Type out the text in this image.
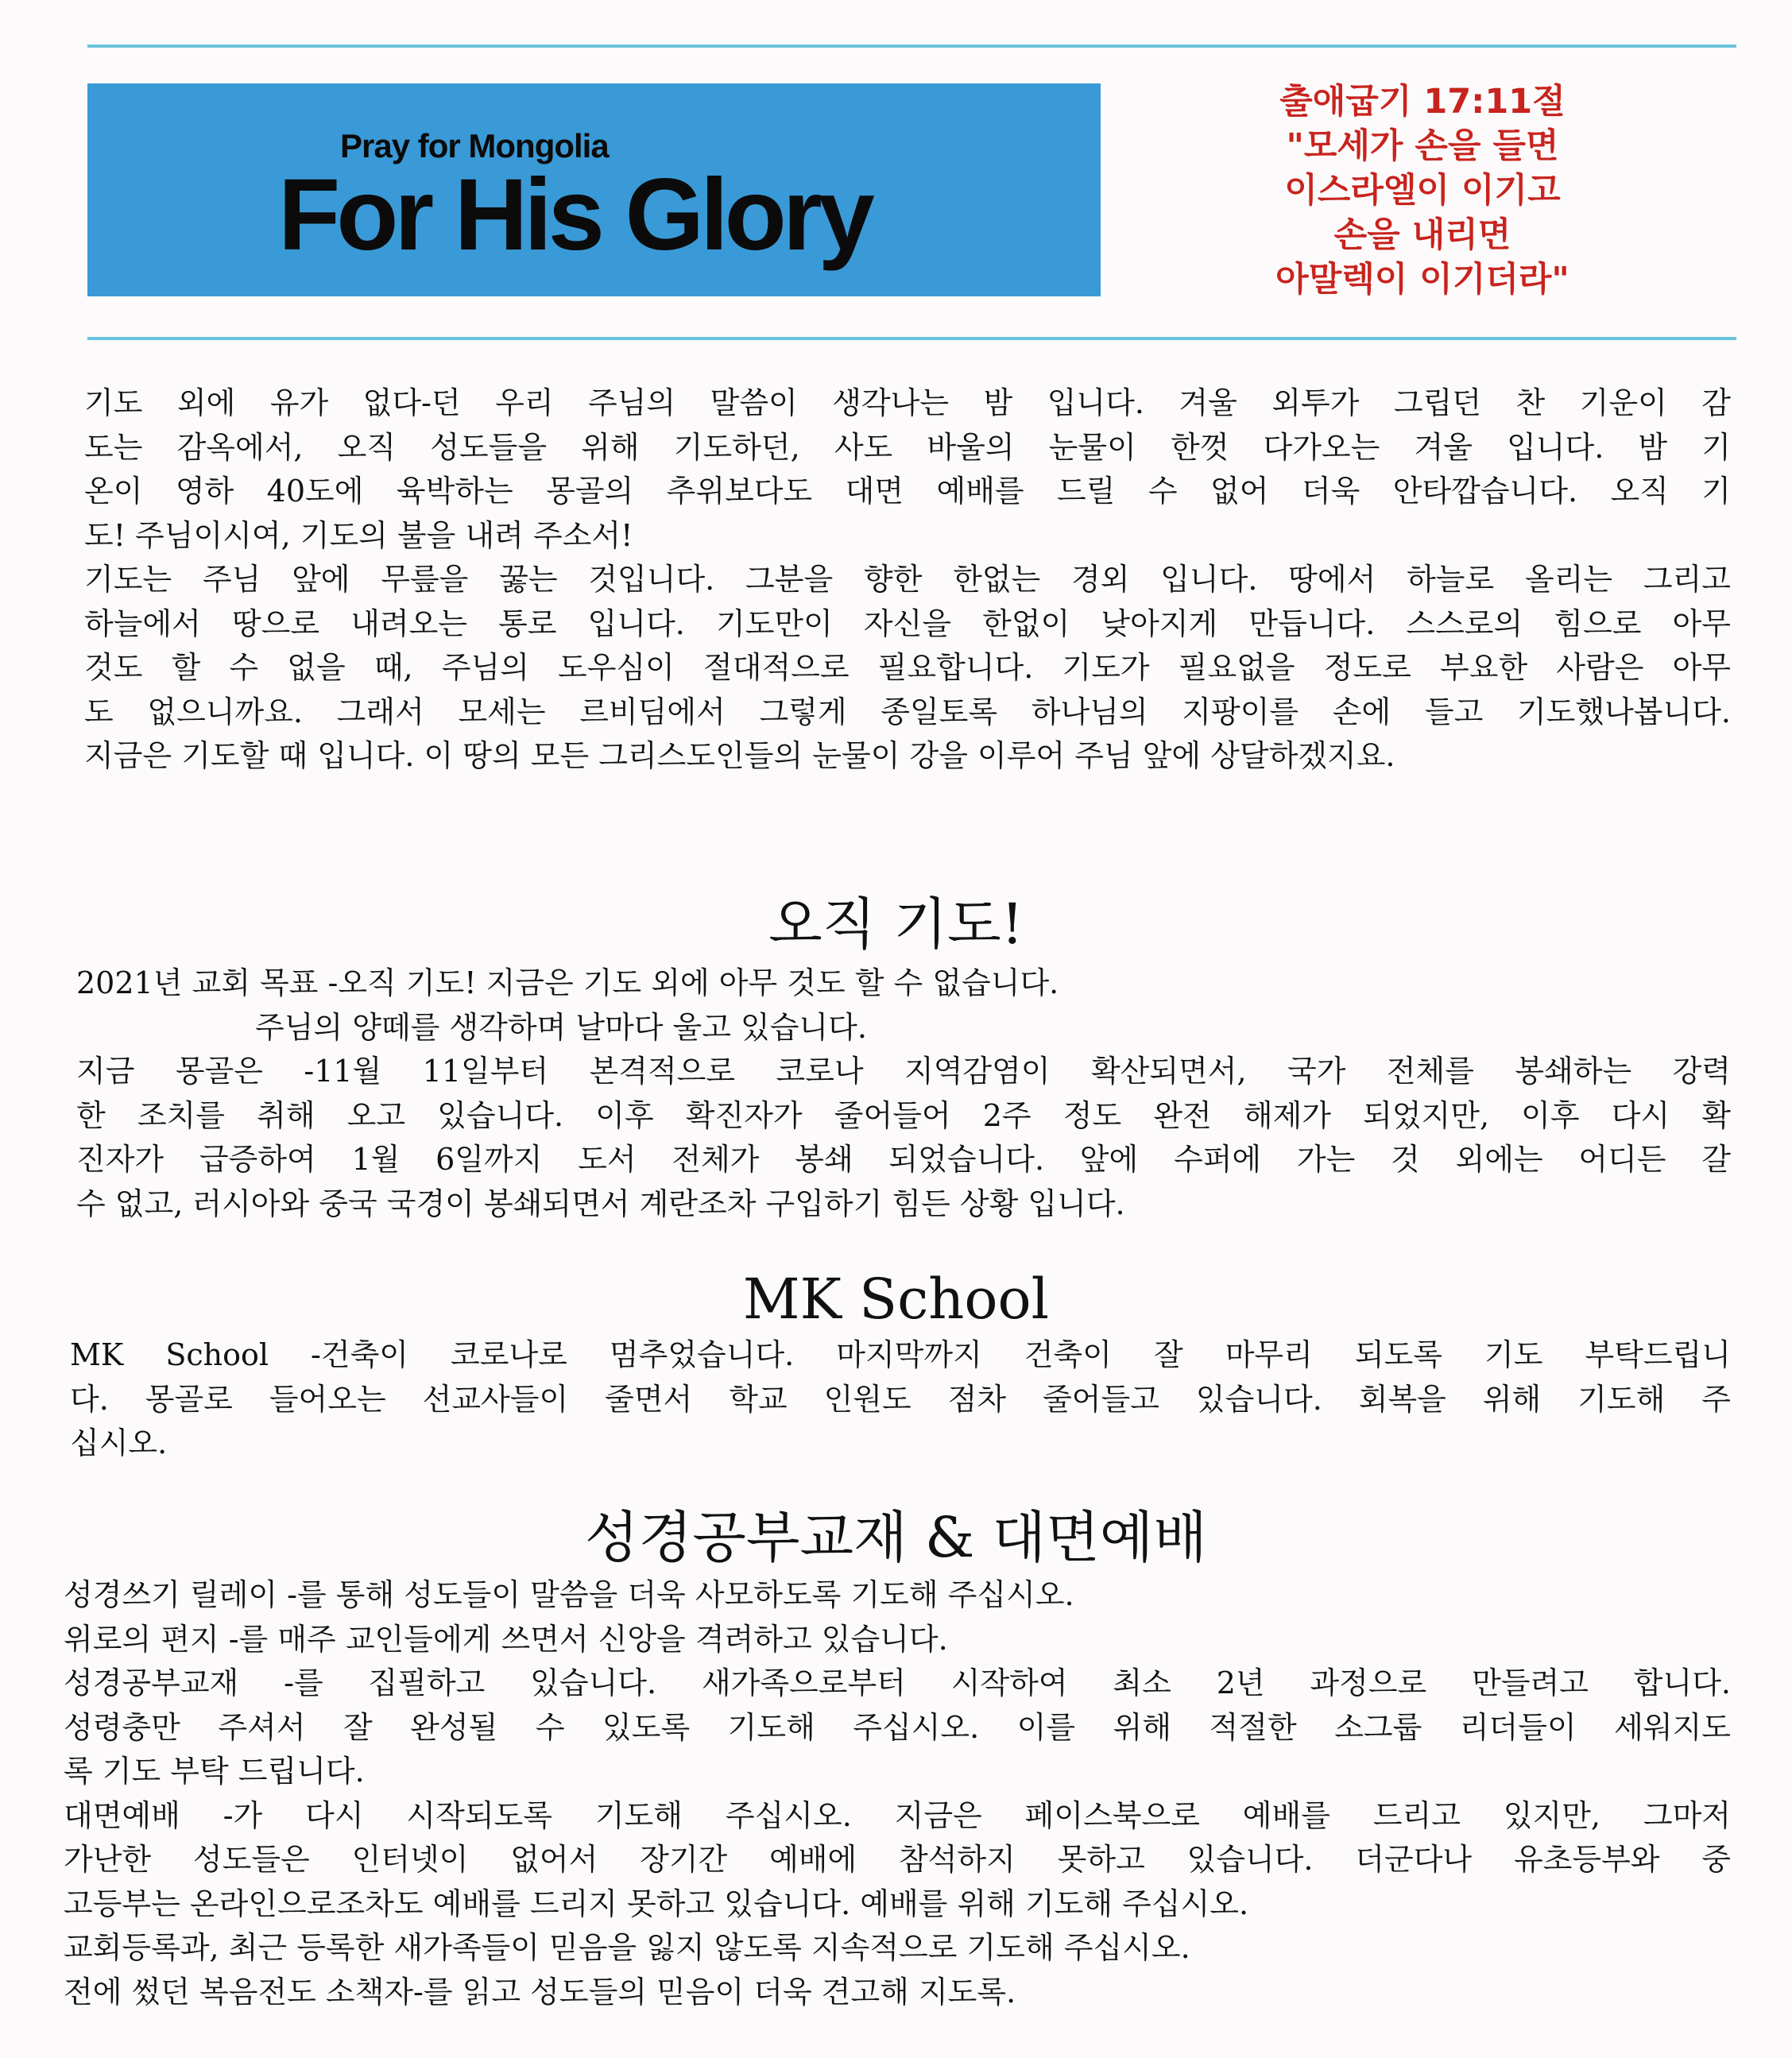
Pray for Mongolia
For His Glory
출애굽기 17:11절
"모세가 손을 들면
이스라엘이 이기고
손을 내리면
아말렉이 이기더라"
기도 외에 유가 없다-던 우리 주님의 말씀이 생각나는 밤 입니다. 겨울 외투가 그립던 찬 기운이 감
도는 감옥에서, 오직 성도들을 위해 기도하던, 사도 바울의 눈물이 한껏 다가오는 겨울 입니다. 밤 기
온이 영하 40도에 육박하는 몽골의 추위보다도 대면 예배를 드릴 수 없어 더욱 안타깝습니다. 오직 기
도! 주님이시여, 기도의 불을 내려 주소서!
기도는 주님 앞에 무릎을 꿇는 것입니다. 그분을 향한 한없는 경외 입니다. 땅에서 하늘로 올리는 그리고
하늘에서 땅으로 내려오는 통로 입니다. 기도만이 자신을 한없이 낮아지게 만듭니다. 스스로의 힘으로 아무
것도 할 수 없을 때, 주님의 도우심이 절대적으로 필요합니다. 기도가 필요없을 정도로 부요한 사람은 아무
도 없으니까요. 그래서 모세는 르비딤에서 그렇게 종일토록 하나님의 지팡이를 손에 들고 기도했나봅니다.
지금은 기도할 때 입니다. 이 땅의 모든 그리스도인들의 눈물이 강을 이루어 주님 앞에 상달하겠지요.
오직 기도!
2021년 교회 목표 -오직 기도! 지금은 기도 외에 아무 것도 할 수 없습니다.
주님의 양떼를 생각하며 날마다 울고 있습니다.
지금 몽골은 -11월 11일부터 본격적으로 코로나 지역감염이 확산되면서, 국가 전체를 봉쇄하는 강력
한 조치를 취해 오고 있습니다. 이후 확진자가 줄어들어 2주 정도 완전 해제가 되었지만, 이후 다시 확
진자가 급증하여 1월 6일까지 도서 전체가 봉쇄 되었습니다. 앞에 수퍼에 가는 것 외에는 어디든 갈
수 없고, 러시아와 중국 국경이 봉쇄되면서 계란조차 구입하기 힘든 상황 입니다.
MK School
MK School -건축이 코로나로 멈추었습니다. 마지막까지 건축이 잘 마무리 되도록 기도 부탁드립니
다. 몽골로 들어오는 선교사들이 줄면서 학교 인원도 점차 줄어들고 있습니다. 회복을 위해 기도해 주
십시오.
성경공부교재 & 대면예배
성경쓰기 릴레이 -를 통해 성도들이 말씀을 더욱 사모하도록 기도해 주십시오.
위로의 편지 -를 매주 교인들에게 쓰면서 신앙을 격려하고 있습니다.
성경공부교재 -를 집필하고 있습니다. 새가족으로부터 시작하여 최소 2년 과정으로 만들려고 합니다.
성령충만 주셔서 잘 완성될 수 있도록 기도해 주십시오. 이를 위해 적절한 소그룹 리더들이 세워지도
록 기도 부탁 드립니다.
대면예배 -가 다시 시작되도록 기도해 주십시오. 지금은 페이스북으로 예배를 드리고 있지만, 그마저
가난한 성도들은 인터넷이 없어서 장기간 예배에 참석하지 못하고 있습니다. 더군다나 유초등부와 중
고등부는 온라인으로조차도 예배를 드리지 못하고 있습니다. 예배를 위해 기도해 주십시오.
교회등록과, 최근 등록한 새가족들이 믿음을 잃지 않도록 지속적으로 기도해 주십시오.
전에 썼던 복음전도 소책자-를 읽고 성도들의 믿음이 더욱 견고해 지도록.
